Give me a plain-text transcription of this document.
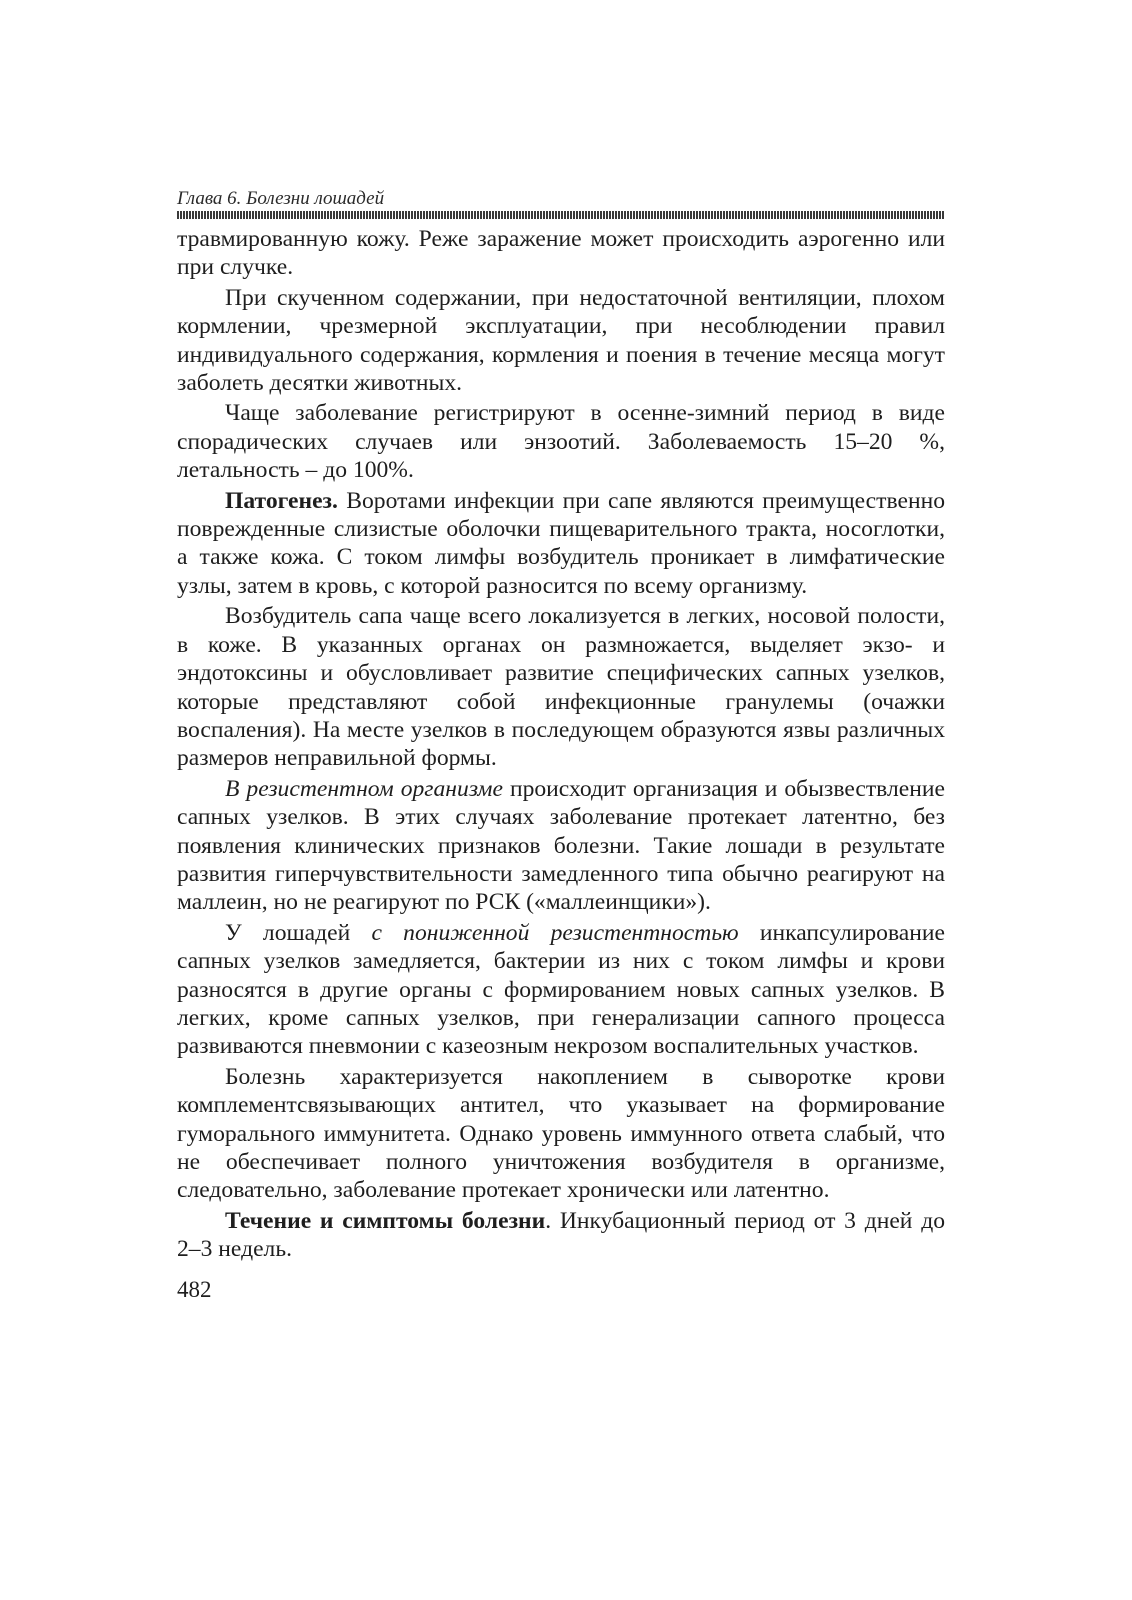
Глава 6. Болезни лошадей

травмированную кожу. Реже заражение может происходить аэрогенно или при случке.

При скученном содержании, при недостаточной вентиляции, плохом кормлении, чрезмерной эксплуатации, при несоблюдении правил индивидуального содержания, кормления и поения в течение месяца могут заболеть десятки животных.

Чаще заболевание регистрируют в осенне-зимний период в виде спорадических случаев или энзоотий. Заболеваемость 15–20 %, летальность – до 100%.

Патогенез. Воротами инфекции при сапе являются преимущественно поврежденные слизистые оболочки пищеварительного тракта, носоглотки, а также кожа. С током лимфы возбудитель проникает в лимфатические узлы, затем в кровь, с которой разносится по всему организму.

Возбудитель сапа чаще всего локализуется в легких, носовой полости, в коже. В указанных органах он размножается, выделяет экзо- и эндотоксины и обусловливает развитие специфических сапных узелков, которые представляют собой инфекционные гранулемы (очажки воспаления). На месте узелков в последующем образуются язвы различных размеров неправильной формы.

В резистентном организме происходит организация и обызвествление сапных узелков. В этих случаях заболевание протекает латентно, без появления клинических признаков болезни. Такие лошади в результате развития гиперчувствительности замедленного типа обычно реагируют на маллеин, но не реагируют по РСК («маллеинщики»).

У лошадей с пониженной резистентностью инкапсулирование сапных узелков замедляется, бактерии из них с током лимфы и крови разносятся в другие органы с формированием новых сапных узелков. В легких, кроме сапных узелков, при генерализации сапного процесса развиваются пневмонии с казеозным некрозом воспалительных участков.

Болезнь характеризуется накоплением в сыворотке крови комплементсвязывающих антител, что указывает на формирование гуморального иммунитета. Однако уровень иммунного ответа слабый, что не обеспечивает полного уничтожения возбудителя в организме, следовательно, заболевание протекает хронически или латентно.

Течение и симптомы болезни. Инкубационный период от 3 дней до 2–3 недель.

482
